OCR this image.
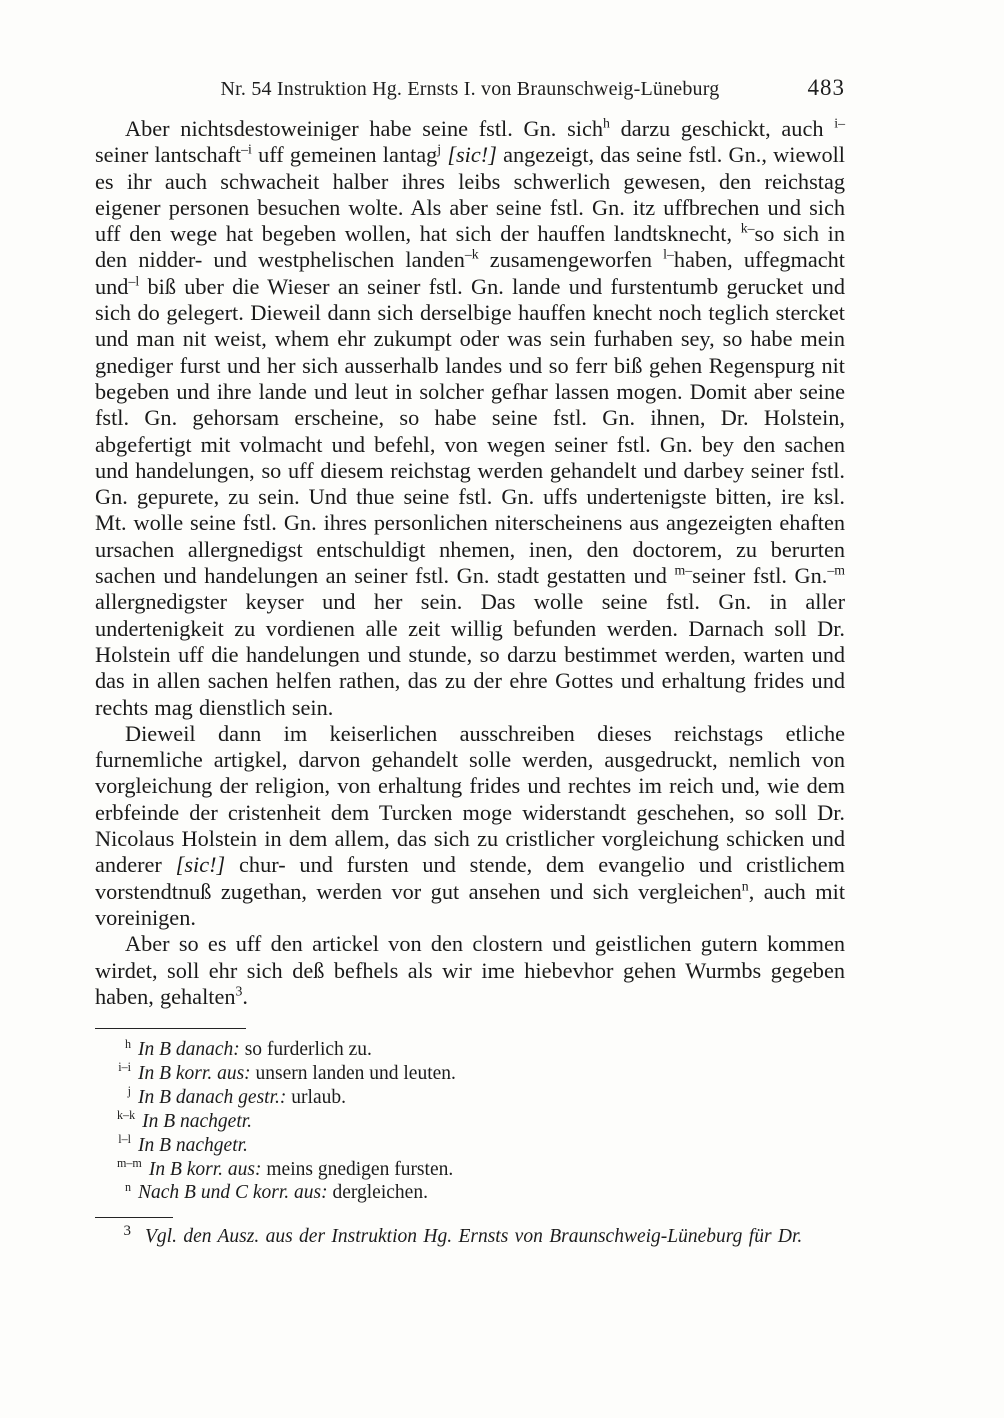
Nr. 54 Instruktion Hg. Ernsts I. von Braunschweig-Lüneburg	483

Aber nichtsdestoweiniger habe seine fstl. Gn. sich$^h$ darzu geschickt, auch $^{i-}$seiner lantschaft$^{-i}$ uff gemeinen lantag$^j$ [sic!] angezeigt, das seine fstl. Gn., wiewoll es ihr auch schwacheit halber ihres leibs schwerlich gewesen, den reichstag eigener personen besuchen wolte. Als aber seine fstl. Gn. itz uffbrechen und sich uff den wege hat begeben wollen, hat sich der hauffen landtsknecht, $^{k-}$so sich in den nidder- und westphelischen landen$^{-k}$ zusamengeworfen $^{l-}$haben, uffegmacht und$^{-l}$ biß uber die Wieser an seiner fstl. Gn. lande und furstentumb gerucket und sich do gelegert. Dieweil dann sich derselbige hauffen knecht noch teglich stercket und man nit weist, whem ehr zukumpt oder was sein furhaben sey, so habe mein gnediger furst und her sich ausserhalb landes und so ferr biß gehen Regenspurg nit begeben und ihre lande und leut in solcher gefhar lassen mogen. Domit aber seine fstl. Gn. gehorsam erscheine, so habe seine fstl. Gn. ihnen, Dr. Holstein, abgefertigt mit volmacht und befehl, von wegen seiner fstl. Gn. bey den sachen und handelungen, so uff diesem reichstag werden gehandelt und darbey seiner fstl. Gn. gepurete, zu sein. Und thue seine fstl. Gn. uffs undertenigste bitten, ire ksl. Mt. wolle seine fstl. Gn. ihres personlichen niterscheinens aus angezeigten ehaften ursachen allergnedigst entschuldigt nhemen, inen, den doctorem, zu berurten sachen und handelungen an seiner fstl. Gn. stadt gestatten und $^{m-}$seiner fstl. Gn.$^{-m}$ allergnedigster keyser und her sein. Das wolle seine fstl. Gn. in aller undertenigkeit zu vordienen alle zeit willig befunden werden. Darnach soll Dr. Holstein uff die handelungen und stunde, so darzu bestimmet werden, warten und das in allen sachen helfen rathen, das zu der ehre Gottes und erhaltung frides und rechts mag dienstlich sein.

Dieweil dann im keiserlichen ausschreiben dieses reichstags etliche furnemliche artigkel, darvon gehandelt solle werden, ausgedruckt, nemlich von vorgleichung der religion, von erhaltung frides und rechtes im reich und, wie dem erbfeinde der cristenheit dem Turcken moge widerstandt geschehen, so soll Dr. Nicolaus Holstein in dem allem, das sich zu cristlicher vorgleichung schicken und anderer [sic!] chur- und fursten und stende, dem evangelio und cristlichem vorstendtnuß zugethan, werden vor gut ansehen und sich vergleichen$^n$, auch mit voreinigen.

Aber so es uff den artickel von den clostern und geistlichen gutern kommen wirdet, soll ehr sich deß befhels als wir ime hiebevhor gehen Wurmbs gegeben haben, gehalten$^3$.

$^h$ In B danach: so furderlich zu.
$^{i-i}$ In B korr. aus: unsern landen und leuten.
$^j$ In B danach gestr.: urlaub.
$^{k-k}$ In B nachgetr.
$^{l-l}$ In B nachgetr.
$^{m-m}$ In B korr. aus: meins gnedigen fursten.
$^n$ Nach B und C korr. aus: dergleichen.
$^3$ Vgl. den Ausz. aus der Instruktion Hg. Ernsts von Braunschweig-Lüneburg für Dr.
